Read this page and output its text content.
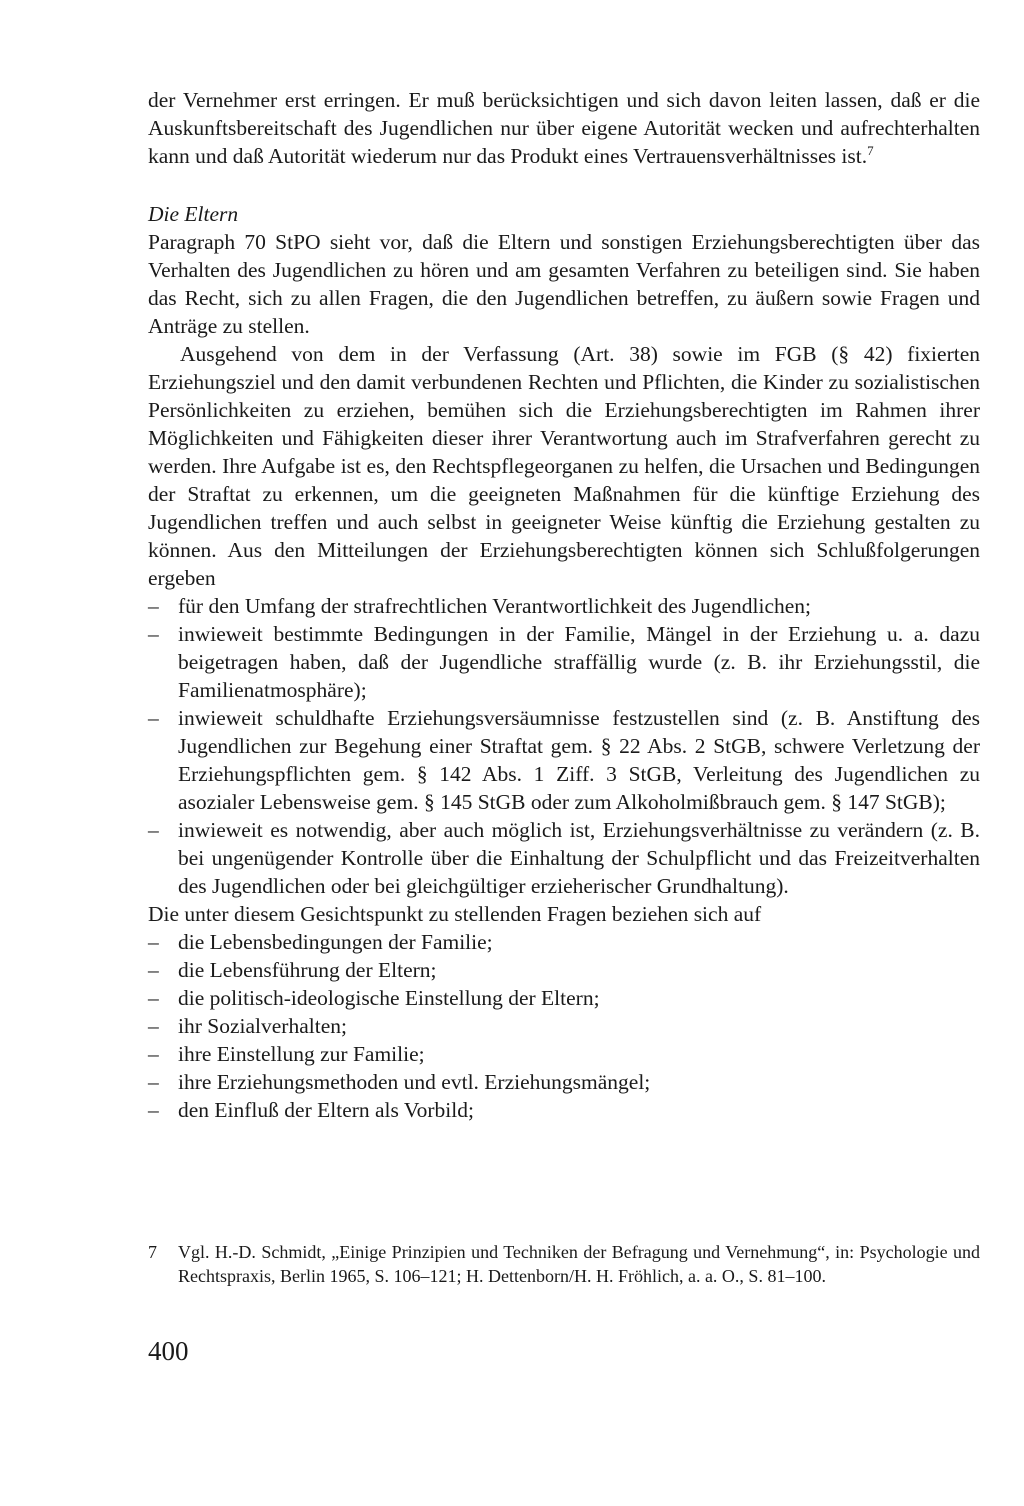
der Vernehmer erst erringen. Er muß berücksichtigen und sich davon leiten lassen, daß er die Auskunftsbereitschaft des Jugendlichen nur über eigene Autorität wecken und aufrechterhalten kann und daß Autorität wiederum nur das Produkt eines Vertrauensverhältnisses ist.$^7$

Die Eltern

Paragraph 70 StPO sieht vor, daß die Eltern und sonstigen Erziehungsberechtigten über das Verhalten des Jugendlichen zu hören und am gesamten Verfahren zu beteiligen sind. Sie haben das Recht, sich zu allen Fragen, die den Jugendlichen betreffen, zu äußern sowie Fragen und Anträge zu stellen.

Ausgehend von dem in der Verfassung (Art. 38) sowie im FGB (§ 42) fixierten Erziehungsziel und den damit verbundenen Rechten und Pflichten, die Kinder zu sozialistischen Persönlichkeiten zu erziehen, bemühen sich die Erziehungsberechtigten im Rahmen ihrer Möglichkeiten und Fähigkeiten dieser ihrer Verantwortung auch im Strafverfahren gerecht zu werden. Ihre Aufgabe ist es, den Rechtspflegeorganen zu helfen, die Ursachen und Bedingungen der Straftat zu erkennen, um die geeigneten Maßnahmen für die künftige Erziehung des Jugendlichen treffen und auch selbst in geeigneter Weise künftig die Erziehung gestalten zu können. Aus den Mitteilungen der Erziehungsberechtigten können sich Schlußfolgerungen ergeben

– für den Umfang der strafrechtlichen Verantwortlichkeit des Jugendlichen;
– inwieweit bestimmte Bedingungen in der Familie, Mängel in der Erziehung u. a. dazu beigetragen haben, daß der Jugendliche straffällig wurde (z. B. ihr Erziehungsstil, die Familienatmosphäre);
– inwieweit schuldhafte Erziehungsversäumnisse festzustellen sind (z. B. Anstiftung des Jugendlichen zur Begehung einer Straftat gem. § 22 Abs. 2 StGB, schwere Verletzung der Erziehungspflichten gem. § 142 Abs. 1 Ziff. 3 StGB, Verleitung des Jugendlichen zu asozialer Lebensweise gem. § 145 StGB oder zum Alkoholmißbrauch gem. § 147 StGB);
– inwieweit es notwendig, aber auch möglich ist, Erziehungsverhältnisse zu verändern (z. B. bei ungenügender Kontrolle über die Einhaltung der Schulpflicht und das Freizeitverhalten des Jugendlichen oder bei gleichgültiger erzieherischer Grundhaltung).

Die unter diesem Gesichtspunkt zu stellenden Fragen beziehen sich auf

– die Lebensbedingungen der Familie;
– die Lebensführung der Eltern;
– die politisch-ideologische Einstellung der Eltern;
– ihr Sozialverhalten;
– ihre Einstellung zur Familie;
– ihre Erziehungsmethoden und evtl. Erziehungsmängel;
– den Einfluß der Eltern als Vorbild;
7	Vgl. H.-D. Schmidt, „Einige Prinzipien und Techniken der Befragung und Vernehmung“, in: Psychologie und Rechtspraxis, Berlin 1965, S. 106–121; H. Dettenborn/H. H. Fröhlich, a. a. O., S. 81–100.
400
